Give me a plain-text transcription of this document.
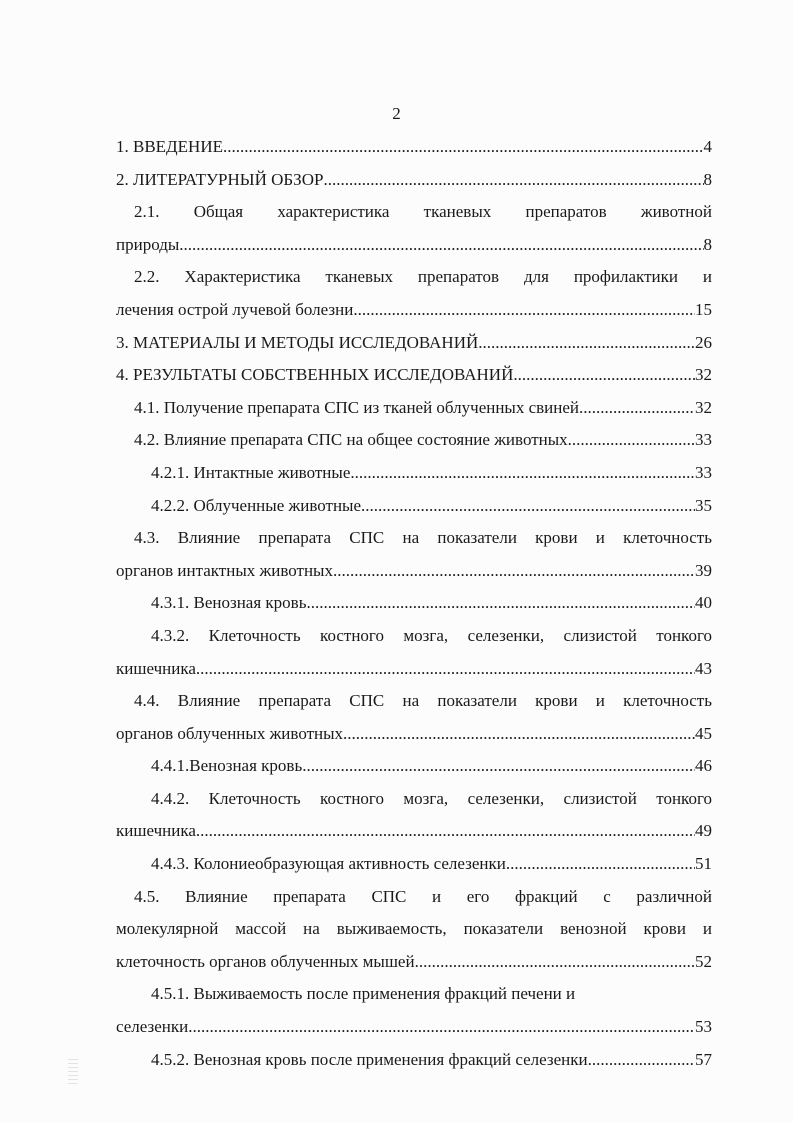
2
1. ВВЕДЕНИЕ .....	4
2. ЛИТЕРАТУРНЫЙ ОБЗОР .....	8
2.1. Общая характеристика тканевых препаратов животной
природы. .....	8
2.2. Характеристика тканевых препаратов для профилактики и
лечения острой лучевой болезни. .....	15
3. МАТЕРИАЛЫ И МЕТОДЫ ИССЛЕДОВАНИЙ. .....	26
4. РЕЗУЛЬТАТЫ СОБСТВЕННЫХ ИССЛЕДОВАНИЙ. .....	32
4.1. Получение препарата СПС из тканей облученных свиней. .....	32
4.2. Влияние препарата СПС на общее состояние животных .....	33
4.2.1. Интактные животные. .....	33
4.2.2. Облученные животные .....	35
4.3. Влияние препарата СПС на показатели крови и клеточность
органов интактных животных. .....	39
4.3.1. Венозная кровь .....	40
4.3.2. Клеточность костного мозга, селезенки, слизистой тонкого
кишечника. .....	43
4.4. Влияние препарата СПС на показатели крови и клеточность
органов облученных животных .....	45
4.4.1.Венозная кровь .....	46
4.4.2. Клеточность костного мозга, селезенки, слизистой тонкого
кишечника. .....	49
4.4.3. Колониеобразующая активность селезенки .....	51
4.5. Влияние препарата СПС и его фракций с различной
молекулярной массой на выживаемость, показатели венозной крови и
клеточность органов облученных мышей .....	52
4.5.1. Выживаемость после применения фракций печени и
селезенки .....	53
4.5.2. Венозная кровь после применения фракций селезенки. .....	57
